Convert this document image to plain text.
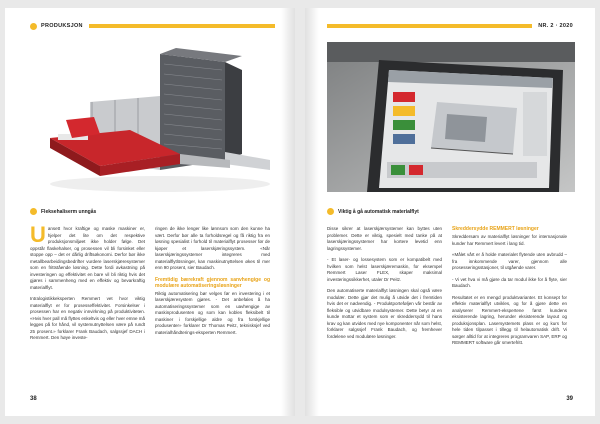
PRODUKSJON
Fleksehaliserm unngås

U ansett hvor kraftige og maske maskiner er, hjelper det lite om det respektive produksjonsmiljøet ikke holder følge. Det oppstår flaskehalser, og prosessen vil bli forsinket eller stoppe opp – det er dårlig driftsøkonomi. Derfor bør ikke metallbearbeidingsbedrifter vurdere laserskjæresystemer som en frittstående løsning. Dette fordi avkastning på investeringen og effektivitet en bare vil bli riktig hvis det gjøres i sammenheng med en effektiv og bevarkraftig materialflyt.

Intralogistikkeksperten Remmert vet hvor viktig materialflyt er for prosesseffektivitet. Forsinkelser i prosessen har en negativ innvirkning på produktiviteten. «Hvis hver pall må flyttes enkeltvis og eller hver emne må legges på for hånd, vil systemutnyttelsen være på rundt 25 prosent.» forklarer Frank Baudach, salgssjef DACH i Remmert. Den høye investe-

ringen de ikke lenger like lønnsom som den kunne ha vært. Derfor bør alle ta forholdsregel og få riktig fra en løsning spesialist i forhold til materialflyt prosesser før de kjøper et laserskjæringssystem. «Når laserskjæringssystemer integreres med materialflytlösninger, kan maskinutnyttelsen økes til mer enn 90 prosent, sier Baudach.

Fremtidig bærekraft gjennom sanvhengige og modulære automatiseringsløsninger

Riktig automatisering bør velges før en investering i et laserskjæresystem gjøres. - Det anbefales å ha automatiseringssystemer som en uavhengige av maskinprodusenten og som kan kobles fleksibelt til maskiner i forskjellige aldre og fra forskjellige produsenter» forklarer Dr Thomas Peitz, teknisksjef ved materialhåndterings-eksperten Remmert.

38
NR. 2 · 2020
Viktig å gå automatisk materialflyt

Disse sikrer at laserskjærsystemer kan byttes uten problemer. Dette er viktig, spesielt med tanke på at laserskjæringssystemer har kortere levetid enn lagringssystemer.

- Et laser- og lossesystem som er kompatibelt med hvilken som helst laserskjæremaskin, for eksempel Remmert Laser FLEX, skaper maksimal investeringssikkerhet, utaler Dr Peitz.

Den automatiserte materialflyt løsningen skal også være modulær. Dette gjør det mulig å utvide det i fremtiden hvis det er nødvendig. - Produktporteføljen vår består av fleksible og utvidbare modulsystemer. Dette betyr at en kunde mottar et system som er skreddersydd til hans krav og kan utvides med nye komponenter når som helst, forklarer salgssjef Frank Baudach, og fremhever fordelene ved modulære løsninger.

Skreddersydde REMMERT løsninger

Skreddersøm av materialflyt løsninger for internasjonale kunder har Remmert levert i lang tid.

«Målet vårt er å holde materialet flytende uten avbrudd – fra innkommende varer, gjennom alle prosesseringsstasjoner, til utgående varer.

- Vi vet hva vi må gjøre da tar modul ikke for å flyte, sier Baudach.

Resultatet er en mengd produktvarianter. Et konsept for effektiv materialflyt utvikles, og for å gjøre dette en analyserer Remmert-ekspertene først kundens eksisterende lagring, herunder eksisterende layout og produksjonsplan. Lasersystemets plass er og kurs for hele tiden tilpasset i tillegg til helautomatisk drift. Vi sørger alltid for at integreres programvaren SAP, ERP og REMMERT software går smertefritt.

39
